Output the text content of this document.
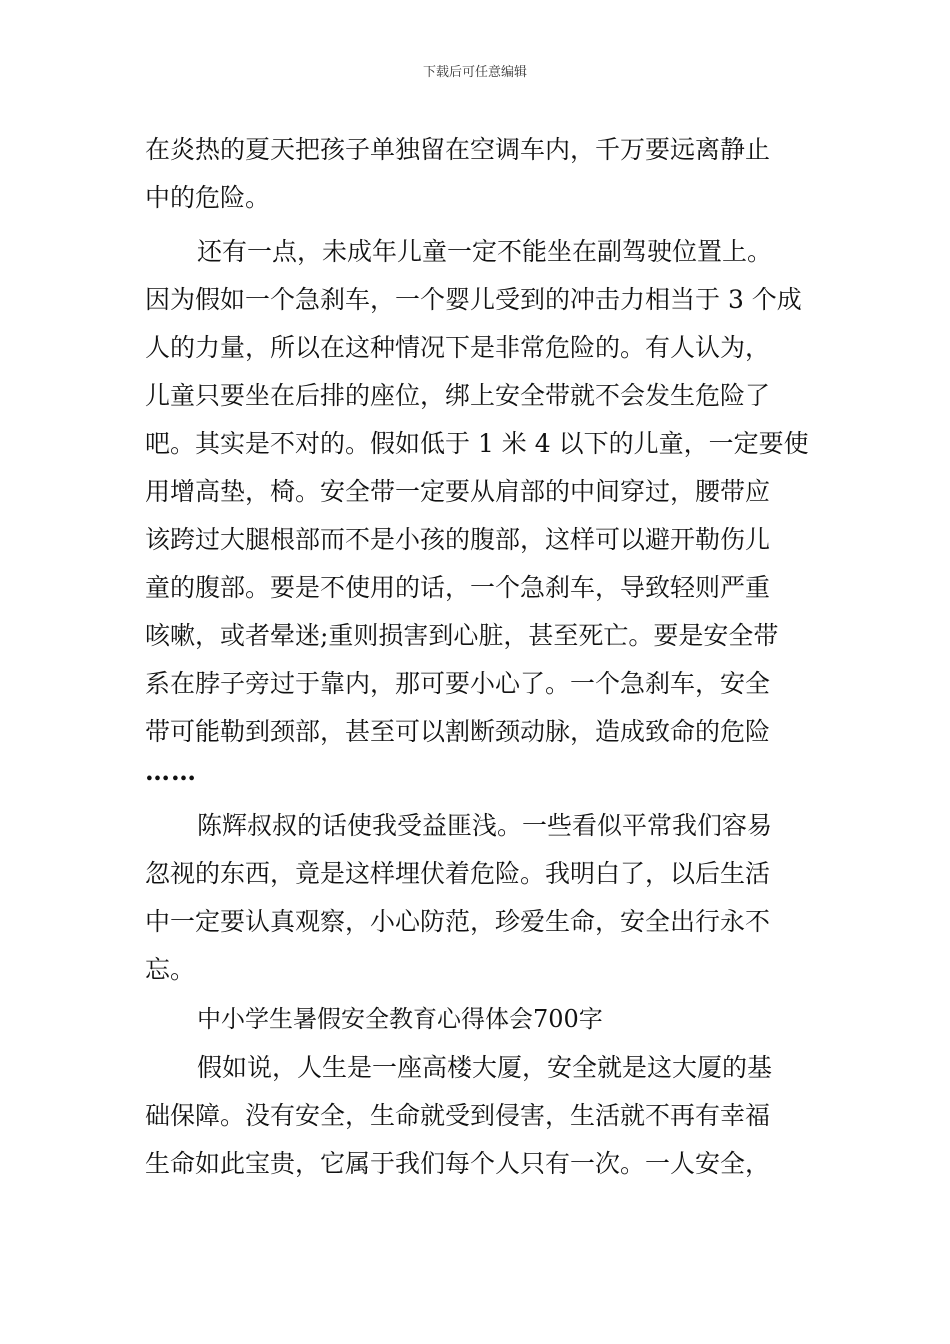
下载后可任意编辑
在炎热的夏天把孩子单独留在空调车内，千万要远离静止
中的危险。
还有一点，未成年儿童一定不能坐在副驾驶位置上。
因为假如一个急刹车，一个婴儿受到的冲击力相当于 3 个成
人的力量，所以在这种情况下是非常危险的。有人认为，
儿童只要坐在后排的座位，绑上安全带就不会发生危险了
吧。其实是不对的。假如低于 1 米 4 以下的儿童，一定要使
用增高垫，椅。安全带一定要从肩部的中间穿过，腰带应
该跨过大腿根部而不是小孩的腹部，这样可以避开勒伤儿
童的腹部。要是不使用的话，一个急刹车，导致轻则严重
咳嗽，或者晕迷;重则损害到心脏，甚至死亡。要是安全带
系在脖子旁过于靠内，那可要小心了。一个急刹车，安全
带可能勒到颈部，甚至可以割断颈动脉，造成致命的危险
……
陈辉叔叔的话使我受益匪浅。一些看似平常我们容易
忽视的东西，竟是这样埋伏着危险。我明白了，以后生活
中一定要认真观察，小心防范，珍爱生命，安全出行永不
忘。
中小学生暑假安全教育心得体会700字
假如说，人生是一座高楼大厦，安全就是这大厦的基
础保障。没有安全，生命就受到侵害，生活就不再有幸福
生命如此宝贵，它属于我们每个人只有一次。一人安全，
